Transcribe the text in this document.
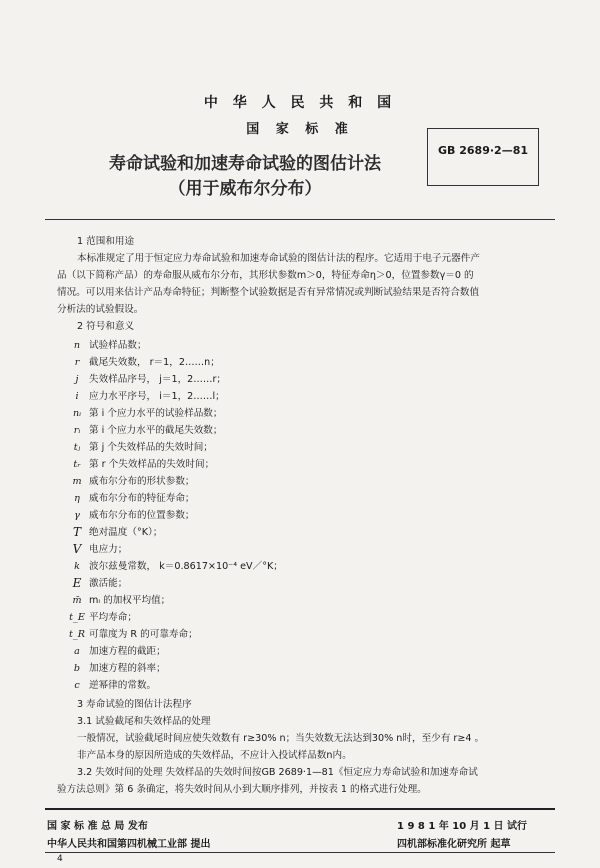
中 华 人 民 共 和 国
国 家 标 准
寿命试验和加速寿命试验的图估计法
（用于威布尔分布）
GB 2689·2—81
1 范围和用途
本标准规定了用于恒定应力寿命试验和加速寿命试验的图估计法的程序。它适用于电子元器件产
品（以下简称产品）的寿命服从威布尔分布，其形状参数m＞0，特征寿命η＞0，位置参数γ＝0 的
情况。可以用来估计产品寿命特征；判断整个试验数据是否有异常情况或判断试验结果是否符合数值
分析法的试验假设。
2 符号和意义
n 试验样品数；
r	截尾失效数， r＝1，2……n；
j	失效样品序号， j＝1，2……r；
i	应力水平序号， i＝1，2……l；
nᵢ 第 i 个应力水平的试验样品数；
rᵢ 第 i 个应力水平的截尾失效数；
tⱼ 第 j 个失效样品的失效时间；
tᵣ 第 r 个失效样品的失效时间；
m 威布尔分布的形状参数；
η 威布尔分布的特征寿命；
γ 威布尔分布的位置参数；
T 绝对温度（°K）；
V 电应力；
k 波尔兹曼常数， k＝0.8617×10⁻⁴ eV／°K；
E 激活能；
m̄ mᵢ 的加权平均值；
t_E 平均寿命；
t_R 可靠度为 R 的可靠寿命；
a 加速方程的截距；
b 加速方程的斜率；
c 逆幂律的常数。
3 寿命试验的图估计法程序
3.1 试验截尾和失效样品的处理
一般情况，试验截尾时间应使失效数有 r≥30% n；当失效数无法达到30% n时，至少有 r≥4 。
非产品本身的原因所造成的失效样品，不应计入投试样品数n内。
3.2 失效时间的处理 失效样品的失效时间按GB 2689·1—81《恒定应力寿命试验和加速寿命试
验方法总则》第 6 条确定，将失效时间从小到大顺序排列，并按表 1 的格式进行处理。
国 家 标 准 总 局 发布	1 9 8 1 年 10 月 1 日 试行
中华人民共和国第四机械工业部 提出	四机部标准化研究所 起草
4
